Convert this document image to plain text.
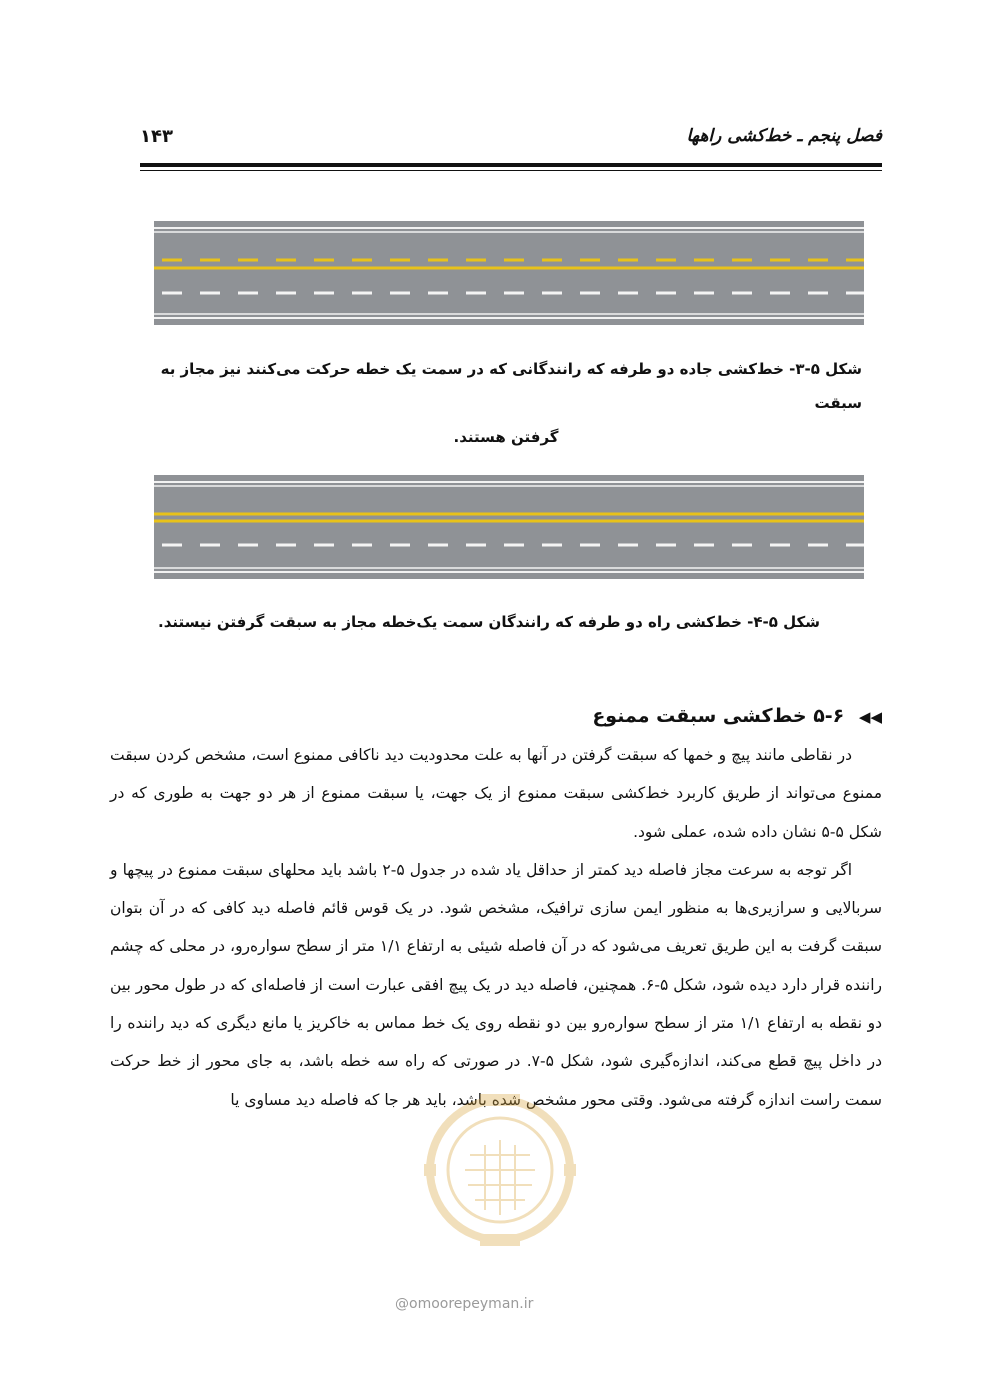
فصل پنجم ـ خط‌کشی راهها
۱۴۳
شکل ۵-۳- خط‌کشی جاده دو طرفه که رانندگانی که در سمت یک خطه حرکت می‌کنند نیز مجاز به سبقت
گرفتن هستند.
شکل ۵-۴- خط‌کشی راه دو طرفه که رانندگان سمت یک‌خطه مجاز به سبقت گرفتن نیستند.
◀◀ ۵-۶ خط‌کشی سبقت ممنوع

در نقاطی مانند پیچ و خمها که سبقت گرفتن در آنها به علت محدودیت دید ناکافی ممنوع است، مشخص کردن سبقت ممنوع می‌تواند از طریق کاربرد خط‌کشی سبقت ممنوع از یک جهت، یا سبقت ممنوع از هر دو جهت به طوری که در شکل ۵-۵ نشان داده شده، عملی شود.

اگر توجه به سرعت مجاز فاصله دید کمتر از حداقل یاد شده در جدول ۵-۲ باشد باید محلهای سبقت ممنوع در پیچها و سربالایی و سرازیری‌ها به منظور ایمن سازی ترافیک، مشخص شود. در یک قوس قائم فاصله دید کافی که در آن بتوان سبقت گرفت به این طریق تعریف می‌شود که در آن فاصله شیئی به ارتفاع ۱/۱ متر از سطح سواره‌رو، در محلی که چشم راننده قرار دارد دیده شود، شکل ۵-۶. همچنین، فاصله دید در یک پیچ افقی عبارت است از فاصله‌ای که در طول محور بین دو نقطه به ارتفاع ۱/۱ متر از سطح سواره‌رو بین دو نقطه روی یک خط مماس به خاکریز یا مانع دیگری که دید راننده را در داخل پیچ قطع می‌کند، اندازه‌گیری شود، شکل ۵-۷. در صورتی که راه سه خطه باشد، به جای محور از خط حرکت سمت راست اندازه گرفته می‌شود. وقتی محور مشخص شده باشد، باید هر جا که فاصله دید مساوی یا

@omoorepeyman.ir
